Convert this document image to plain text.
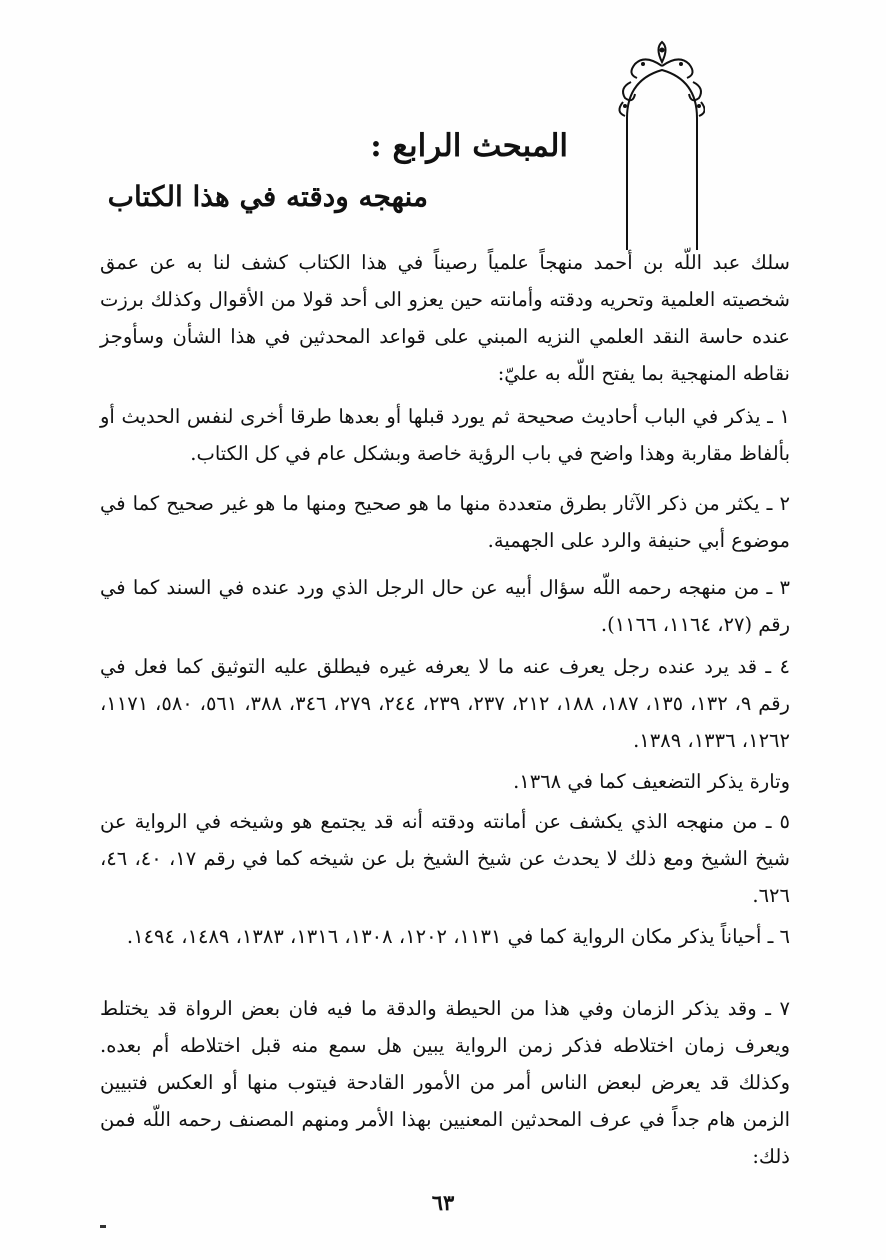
المبحث الرابع :
منهجه ودقته في هذا الكتاب

سلك عبد اللّه بن أحمد منهجاً علمياً رصيناً في هذا الكتاب كشف لنا به عن عمق شخصيته العلمية وتحريه ودقته وأمانته حين يعزو الى أحد قولا من الأقوال وكذلك برزت عنده حاسة النقد العلمي النزيه المبني على قواعد المحدثين في هذا الشأن وسأوجز نقاطه المنهجية بما يفتح اللّه به عليّ:

١ ـ يذكر في الباب أحاديث صحيحة ثم يورد قبلها أو بعدها طرقا أخرى لنفس الحديث أو بألفاظ مقاربة وهذا واضح في باب الرؤية خاصة وبشكل عام في كل الكتاب.

٢ ـ يكثر من ذكر الآثار بطرق متعددة منها ما هو صحيح ومنها ما هو غير صحيح كما في موضوع أبي حنيفة والرد على الجهمية.

٣ ـ من منهجه رحمه اللّه سؤال أبيه عن حال الرجل الذي ورد عنده في السند كما في رقم (٢٧، ١١٦٤، ١١٦٦).

٤ ـ قد يرد عنده رجل يعرف عنه ما لا يعرفه غيره فيطلق عليه التوثيق كما فعل في رقم ٩، ١٣٢، ١٣٥، ١٨٧، ١٨٨، ٢١٢، ٢٣٧، ٢٣٩، ٢٤٤، ٢٧٩، ٣٤٦، ٣٨٨، ٥٦١، ٥٨٠، ١١٧١، ١٢٦٢، ١٣٣٦، ١٣٨٩.

وتارة يذكر التضعيف كما في ١٣٦٨.

٥ ـ من منهجه الذي يكشف عن أمانته ودقته أنه قد يجتمع هو وشيخه في الرواية عن شيخ الشيخ ومع ذلك لا يحدث عن شيخ الشيخ بل عن شيخه كما في رقم ١٧، ٤٠، ٤٦، ٦٢٦.

٦ ـ أحياناً يذكر مكان الرواية كما في ١١٣١، ١٢٠٢، ١٣٠٨، ١٣١٦، ١٣٨٣، ١٤٨٩، ١٤٩٤.

٧ ـ وقد يذكر الزمان وفي هذا من الحيطة والدقة ما فيه فان بعض الرواة قد يختلط ويعرف زمان اختلاطه فذكر زمن الرواية يبين هل سمع منه قبل اختلاطه أم بعده. وكذلك قد يعرض لبعض الناس أمر من الأمور القادحة فيتوب منها أو العكس فتبيين الزمن هام جداً في عرف المحدثين المعنيين بهذا الأمر ومنهم المصنف رحمه اللّه فمن ذلك:

٦٣
